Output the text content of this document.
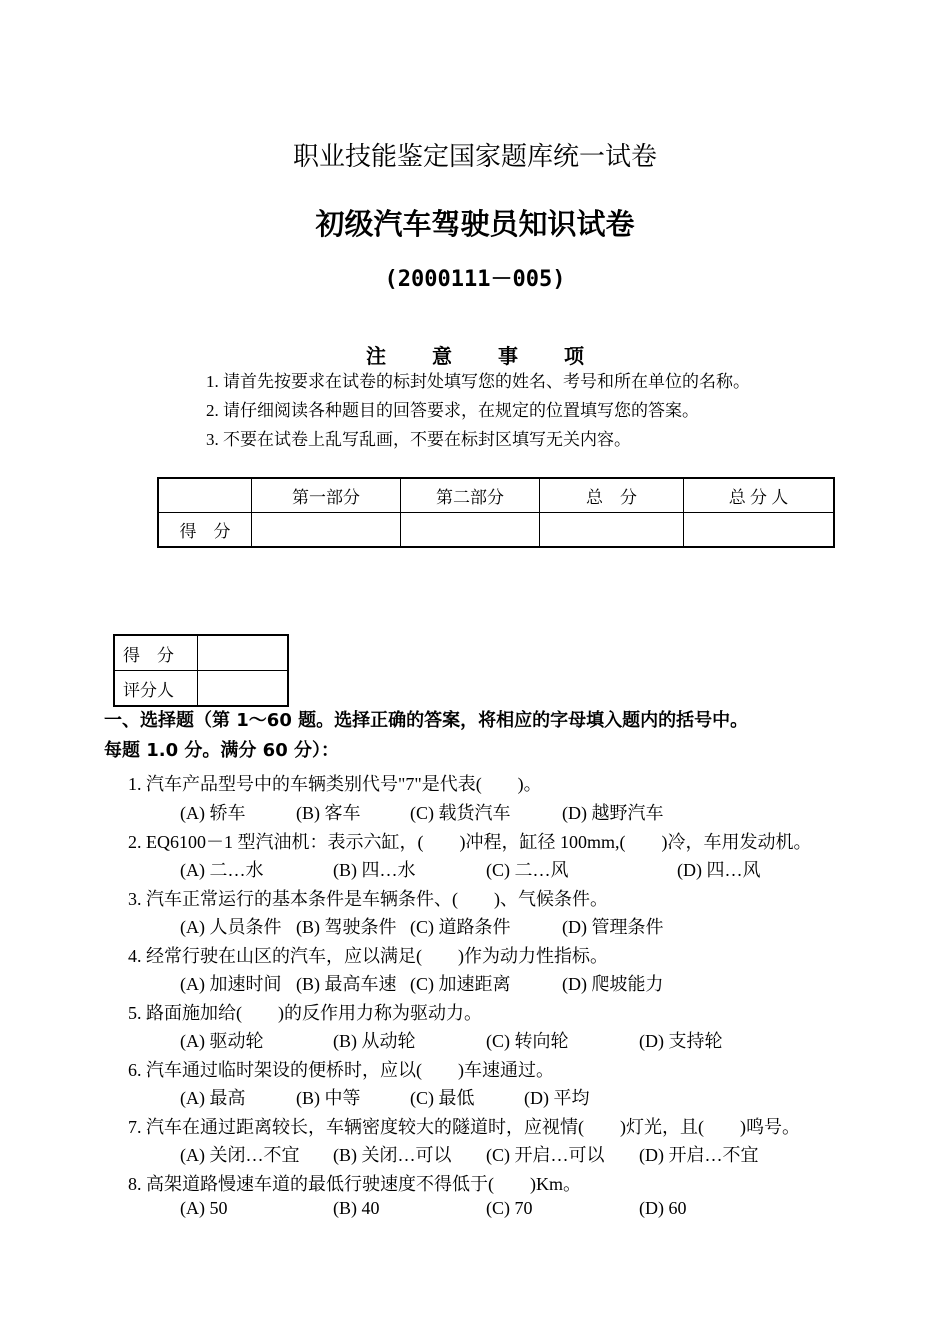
职业技能鉴定国家题库统一试卷
初级汽车驾驶员知识试卷
(2000111－005)
注 意 事 项
1. 请首先按要求在试卷的标封处填写您的姓名、考号和所在单位的名称。
2. 请仔细阅读各种题目的回答要求，在规定的位置填写您的答案。
3. 不要在试卷上乱写乱画，不要在标封区填写无关内容。
	第一部分	第二部分	总　分	总 分 人
得　分				
得　分	
评分人	
一、选择题（第 1～60 题。选择正确的答案，将相应的字母填入题内的括号中。
每题 1.0 分。满分 60 分）：
1. 汽车产品型号中的车辆类别代号"7"是代表(　　)。
(A) 轿车	(B) 客车	(C) 载货汽车	(D) 越野汽车
2. EQ6100－1 型汽油机：表示六缸，(　　)冲程，缸径 100mm,(　　)冷，车用发动机。
(A) 二…水	(B) 四…水	(C) 二…风	(D) 四…风
3. 汽车正常运行的基本条件是车辆条件、(　　)、气候条件。
(A) 人员条件 (B) 驾驶条件 (C) 道路条件	(D) 管理条件
4. 经常行驶在山区的汽车，应以满足(　　)作为动力性指标。
(A) 加速时间 (B) 最高车速 (C) 加速距离	(D) 爬坡能力
5. 路面施加给(　　)的反作用力称为驱动力。
(A) 驱动轮	(B) 从动轮	(C) 转向轮	(D) 支持轮
6. 汽车通过临时架设的便桥时，应以(　　)车速通过。
(A) 最高	(B) 中等	(C) 最低	(D) 平均
7. 汽车在通过距离较长，车辆密度较大的隧道时，应视情(　　)灯光，且(　　)鸣号。
(A) 关闭…不宜 (B) 关闭…可以 (C) 开启…可以 (D) 开启…不宜
8. 高架道路慢速车道的最低行驶速度不得低于(　　)Km。
(A) 50	(B) 40	(C) 70	(D) 60
